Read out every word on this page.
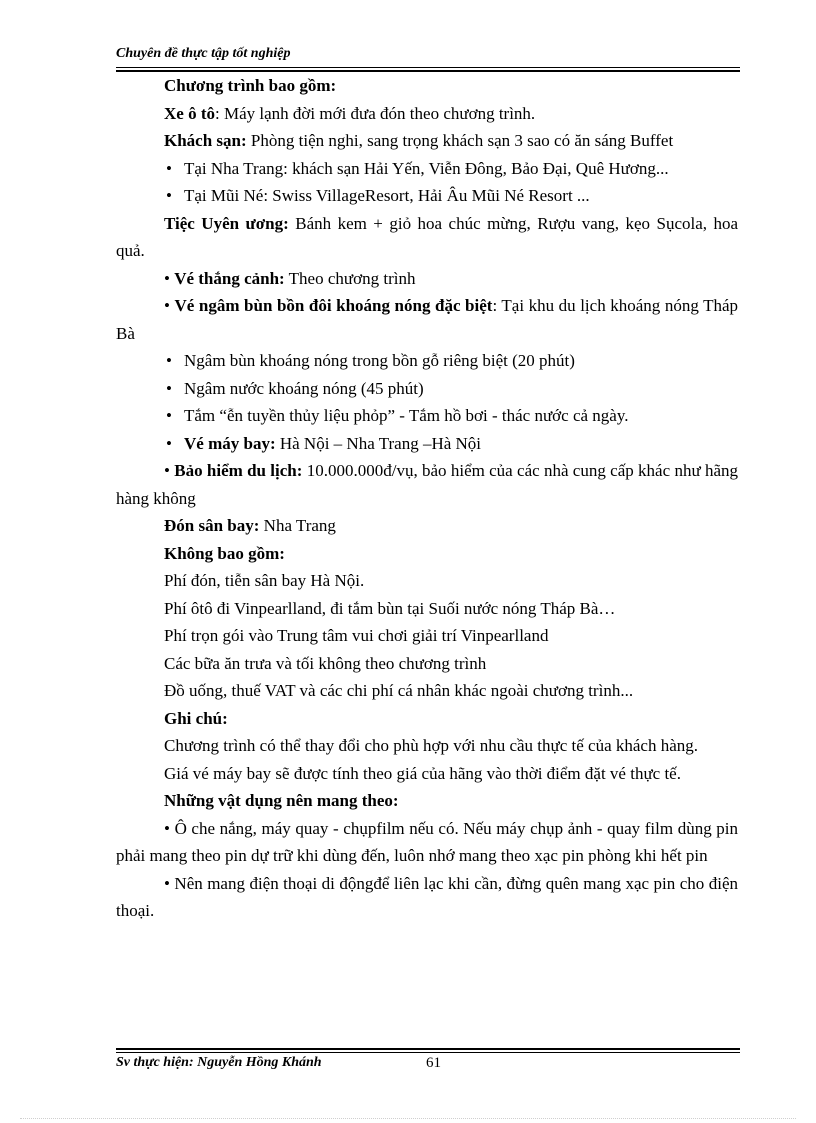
Chuyên đề thực tập tốt nghiệp

Chương trình bao gồm:

Xe ô tô: Máy lạnh đời mới đưa đón theo chương trình.

Khách sạn: Phòng tiện nghi, sang trọng khách sạn 3 sao có ăn sáng Buffet

• Tại Nha Trang: khách sạn Hải Yến, Viễn Đông, Bảo Đại, Quê Hương...

• Tại Mũi Né: Swiss VillageResort, Hải Âu Mũi Né Resort ...

Tiệc Uyên ương: Bánh kem + giỏ hoa chúc mừng, Rượu vang, kẹo Sụcola, hoa quả.

• Vé thắng cảnh: Theo chương trình

• Vé ngâm bùn bồn đôi khoáng nóng đặc biệt: Tại khu du lịch khoáng nóng Tháp Bà

• Ngâm bùn khoáng nóng trong bồn gỗ riêng biệt (20 phút)

• Ngâm nước khoáng nóng (45 phút)

• Tắm “ễn tuyền thủy liệu phỏp” - Tắm hồ bơi - thác nước cả ngày.

• Vé máy bay: Hà Nội – Nha Trang –Hà Nội

• Bảo hiểm du lịch: 10.000.000đ/vụ, bảo hiểm của các nhà cung cấp khác như hãng hàng không

Đón sân bay: Nha Trang

Không bao gồm:

Phí đón, tiễn sân bay Hà Nội.

Phí ôtô đi Vinpearlland, đi tắm bùn tại Suối nước nóng Tháp Bà…

Phí trọn gói vào Trung tâm vui chơi giải trí Vinpearlland

Các bữa ăn trưa và tối không theo chương trình

Đồ uống, thuế VAT và các chi phí cá nhân khác ngoài chương trình...

Ghi chú:

Chương trình có thể thay đổi cho phù hợp với nhu cầu thực tế của khách hàng.

Giá vé máy bay sẽ được tính theo giá của hãng vào thời điểm đặt vé thực tế.

Những vật dụng nên mang theo:

• Ô che nắng, máy quay - chụpfilm nếu có. Nếu máy chụp ảnh - quay film dùng pin phải mang theo pin dự trữ khi dùng đến, luôn nhớ mang theo xạc pin phòng khi hết pin

• Nên mang điện thoại di độngđể liên lạc khi cần, đừng quên mang xạc pin cho điện thoại.

Sv thực hiện: Nguyễn Hồng Khánh	61
